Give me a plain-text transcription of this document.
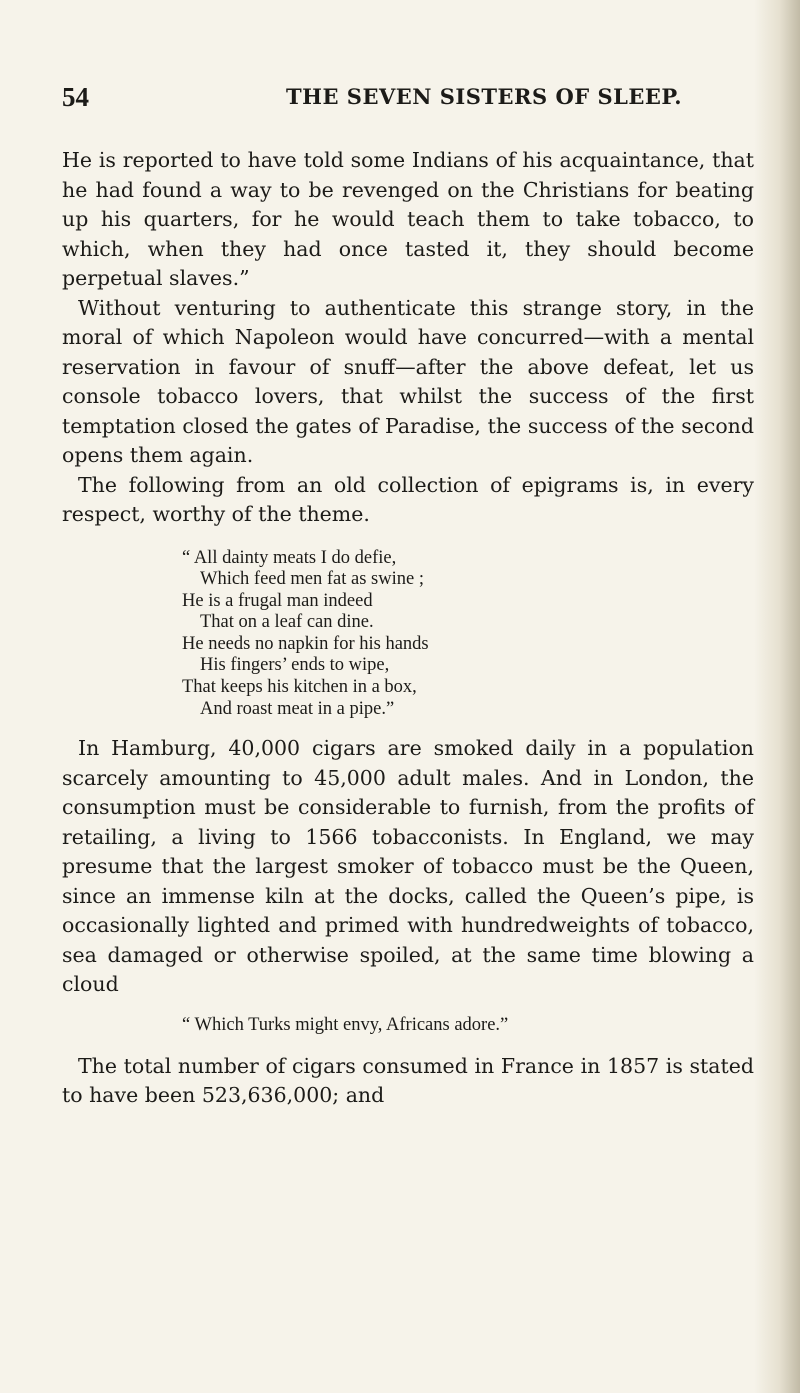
54	THE SEVEN SISTERS OF SLEEP.

He is reported to have told some Indians of his acquaintance, that he had found a way to be revenged on the Christians for beating up his quarters, for he would teach them to take tobacco, to which, when they had once tasted it, they should become perpetual slaves.”

Without venturing to authenticate this strange story, in the moral of which Napoleon would have concurred—with a mental reservation in favour of snuff—after the above defeat, let us console tobacco lovers, that whilst the success of the first temptation closed the gates of Paradise, the success of the second opens them again.

The following from an old collection of epigrams is, in every respect, worthy of the theme.

“ All dainty meats I do defie,
Which feed men fat as swine ;
He is a frugal man indeed
That on a leaf can dine.
He needs no napkin for his hands
His fingers’ ends to wipe,
That keeps his kitchen in a box,
And roast meat in a pipe.”

In Hamburg, 40,000 cigars are smoked daily in a population scarcely amounting to 45,000 adult males. And in London, the consumption must be considerable to furnish, from the profits of retailing, a living to 1566 tobacconists. In England, we may presume that the largest smoker of tobacco must be the Queen, since an immense kiln at the docks, called the Queen’s pipe, is occasionally lighted and primed with hundredweights of tobacco, sea damaged or otherwise spoiled, at the same time blowing a cloud

“ Which Turks might envy, Africans adore.”

The total number of cigars consumed in France in 1857 is stated to have been 523,636,000; and
